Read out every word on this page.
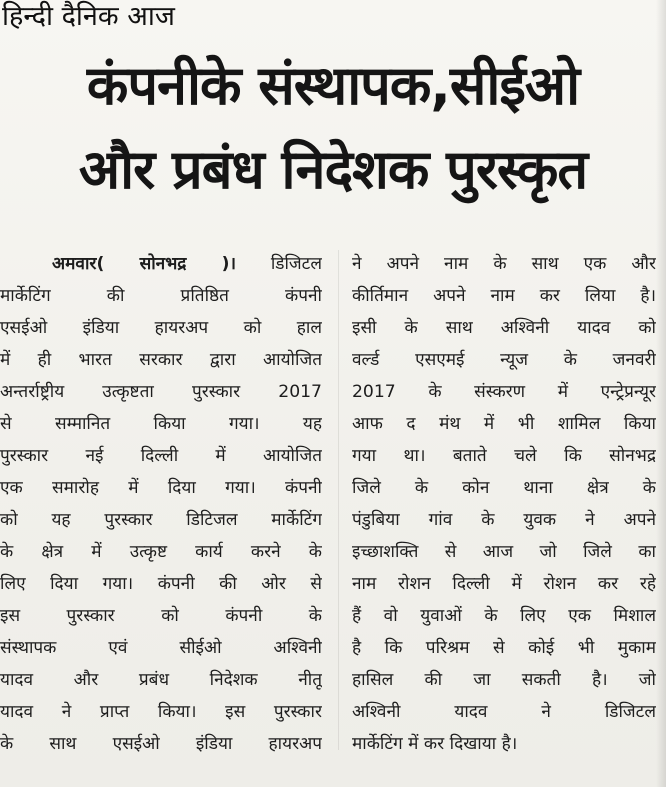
हिन्दी दैनिक आज
कंपनीके संस्थापक,सीईओ
और प्रबंध निदेशक पुरस्कृत
अमवार( सोनभद्र )। डिजिटल
मार्केटिंग की प्रतिष्ठित कंपनी
एसईओ इंडिया हायरअप को हाल
में ही भारत सरकार द्वारा आयोजित
अन्तर्राष्ट्रीय उत्कृष्टता पुरस्कार 2017
से सम्मानित किया गया। यह
पुरस्कार नई दिल्ली में आयोजित
एक समारोह में दिया गया। कंपनी
को यह पुरस्कार डिटिजल मार्केटिंग
के क्षेत्र में उत्कृष्ट कार्य करने के
लिए दिया गया। कंपनी की ओर से
इस पुरस्कार को कंपनी के
संस्थापक एवं सीईओ अश्विनी
यादव और प्रबंध निदेशक नीतू
यादव ने प्राप्त किया। इस पुरस्कार
के साथ एसईओ इंडिया हायरअप
ने अपने नाम के साथ एक और
कीर्तिमान अपने नाम कर लिया है।
इसी के साथ अश्विनी यादव को
वर्ल्ड एसएमई न्यूज के जनवरी
2017 के संस्करण में एन्ट्रेप्रन्यूर
आफ द मंथ में भी शामिल किया
गया था। बताते चले कि सोनभद्र
जिले के कोन थाना क्षेत्र के
पंडुबिया गांव के युवक ने अपने
इच्छाशक्ति से आज जो जिले का
नाम रोशन दिल्ली में रोशन कर रहे
हैं वो युवाओं के लिए एक मिशाल
है कि परिश्रम से कोई भी मुकाम
हासिल की जा सकती है। जो
अश्विनी यादव ने डिजिटल
मार्केटिंग में कर दिखाया है।
